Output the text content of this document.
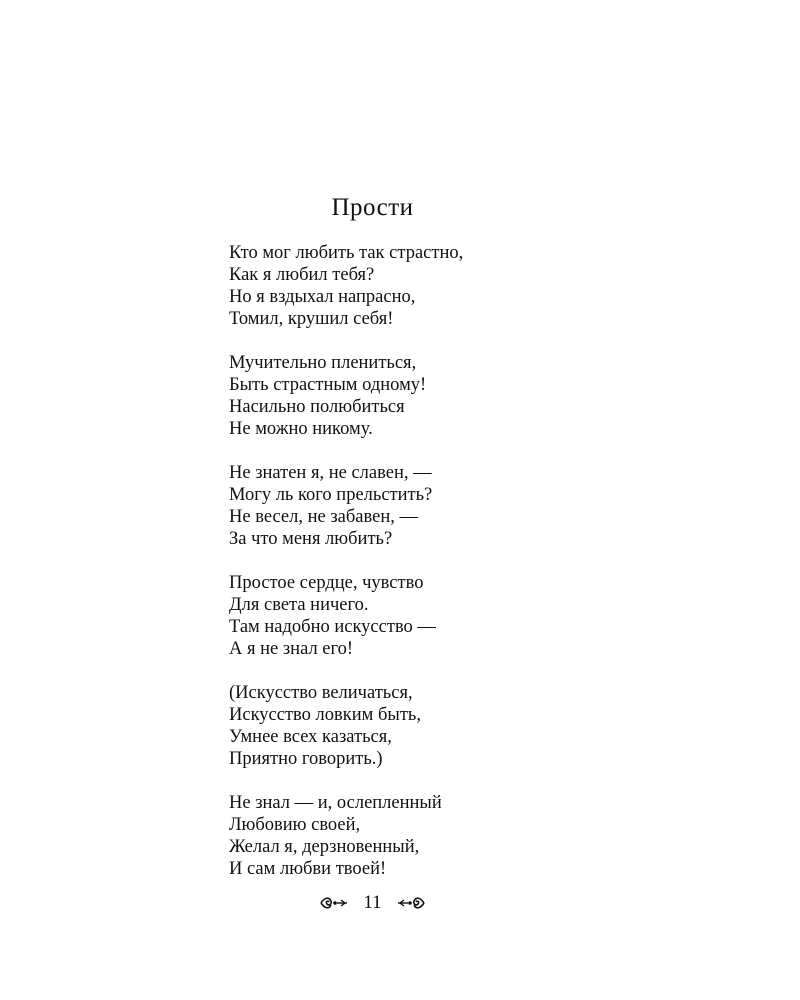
Прости
Кто мог любить так страстно,
Как я любил тебя?
Но я вздыхал напрасно,
Томил, крушил себя!
Мучительно плениться,
Быть страстным одному!
Насильно полюбиться
Не можно никому.
Не знатен я, не славен, —
Могу ль кого прельстить?
Не весел, не забавен, —
За что меня любить?
Простое сердце, чувство
Для света ничего.
Там надобно искусство —
А я не знал его!
(Искусство величаться,
Искусство ловким быть,
Умнее всех казаться,
Приятно говорить.)
Не знал — и, ослепленный
Любовию своей,
Желал я, дерзновенный,
И сам любви твоей!
11
